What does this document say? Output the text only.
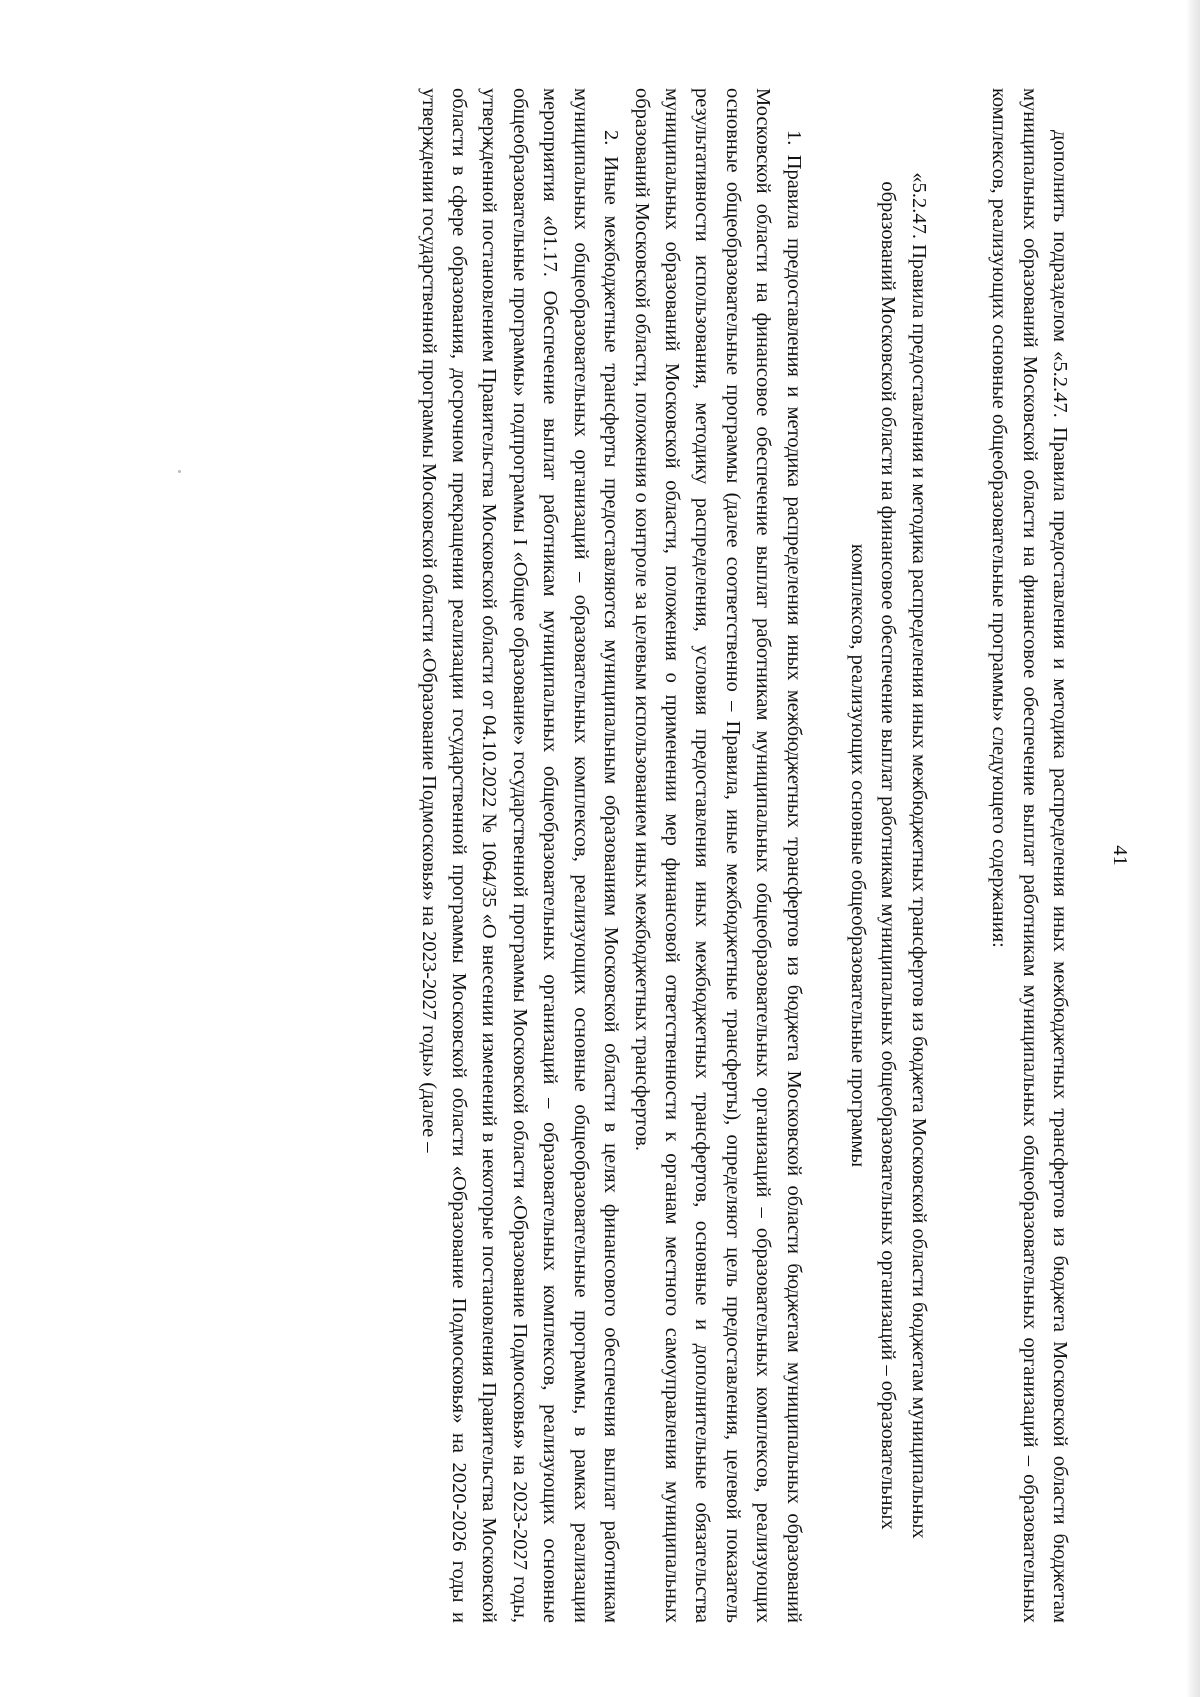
41

дополнить подразделом «5.2.47. Правила предоставления и методика распределения иных межбюджетных трансфертов из бюджета Московской области бюджетам муниципальных образований Московской области на финансовое обеспечение выплат работникам муниципальных общеобразовательных организаций – образовательных комплексов, реализующих основные общеобразовательные программы» следующего содержания:

«5.2.47. Правила предоставления и методика распределения иных межбюджетных трансфертов из бюджета Московской области бюджетам муниципальных образований Московской области на финансовое обеспечение выплат работникам муниципальных общеобразовательных организаций – образовательных комплексов, реализующих основные общеобразовательные программы

1. Правила предоставления и методика распределения иных межбюджетных трансфертов из бюджета Московской области бюджетам муниципальных образований Московской области на финансовое обеспечение выплат работникам муниципальных общеобразовательных организаций – образовательных комплексов, реализующих основные общеобразовательные программы (далее соответственно – Правила, иные межбюджетные трансферты), определяют цель предоставления, целевой показатель результативности использования, методику распределения, условия предоставления иных межбюджетных трансфертов, основные и дополнительные обязательства муниципальных образований Московской области, положения о применении мер финансовой ответственности к органам местного самоуправления муниципальных образований Московской области, положения о контроле за целевым использованием иных межбюджетных трансфертов.

2. Иные межбюджетные трансферты предоставляются муниципальным образованиям Московской области в целях финансового обеспечения выплат работникам муниципальных общеобразовательных организаций – образовательных комплексов, реализующих основные общеобразовательные программы, в рамках реализации мероприятия «01.17. Обеспечение выплат работникам муниципальных общеобразовательных организаций – образовательных комплексов, реализующих основные общеобразовательные программы» подпрограммы I «Общее образование» государственной программы Московской области «Образование Подмосковья» на 2023-2027 годы, утвержденной постановлением Правительства Московской области от 04.10.2022 № 1064/35 «О внесении изменений в некоторые постановления Правительства Московской области в сфере образования, досрочном прекращении реализации государственной программы Московской области «Образование Подмосковья» на 2020-2026 годы и утверждении государственной программы Московской области «Образование Подмосковья» на 2023-2027 годы» (далее –
